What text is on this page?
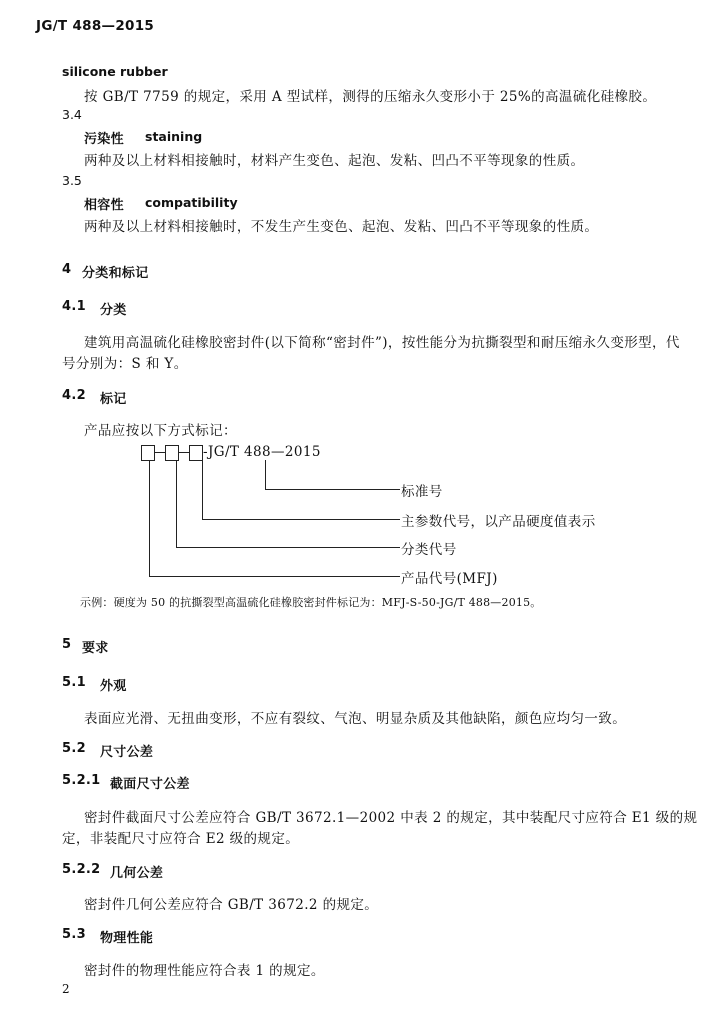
JG/T 488—2015
silicone rubber
按 GB/T 7759 的规定，采用 A 型试样，测得的压缩永久变形小于 25%的高温硫化硅橡胶。
3.4
污染性 staining
两种及以上材料相接触时，材料产生变色、起泡、发粘、凹凸不平等现象的性质。
3.5
相容性 compatibility
两种及以上材料相接触时，不发生产生变色、起泡、发粘、凹凸不平等现象的性质。
4 分类和标记
4.1 分类
建筑用高温硫化硅橡胶密封件(以下简称“密封件”)，按性能分为抗撕裂型和耐压缩永久变形型，代
号分别为：S 和 Y。
4.2 标记
产品应按以下方式标记：
-JG/T 488—2015
标准号
主参数代号，以产品硬度值表示
分类代号
产品代号(MFJ)
示例：硬度为 50 的抗撕裂型高温硫化硅橡胶密封件标记为：MFJ-S-50-JG/T 488—2015。
5 要求
5.1 外观
表面应光滑、无扭曲变形，不应有裂纹、气泡、明显杂质及其他缺陷，颜色应均匀一致。
5.2 尺寸公差
5.2.1 截面尺寸公差
密封件截面尺寸公差应符合 GB/T 3672.1—2002 中表 2 的规定，其中装配尺寸应符合 E1 级的规
定，非装配尺寸应符合 E2 级的规定。
5.2.2 几何公差
密封件几何公差应符合 GB/T 3672.2 的规定。
5.3 物理性能
密封件的物理性能应符合表 1 的规定。
2
